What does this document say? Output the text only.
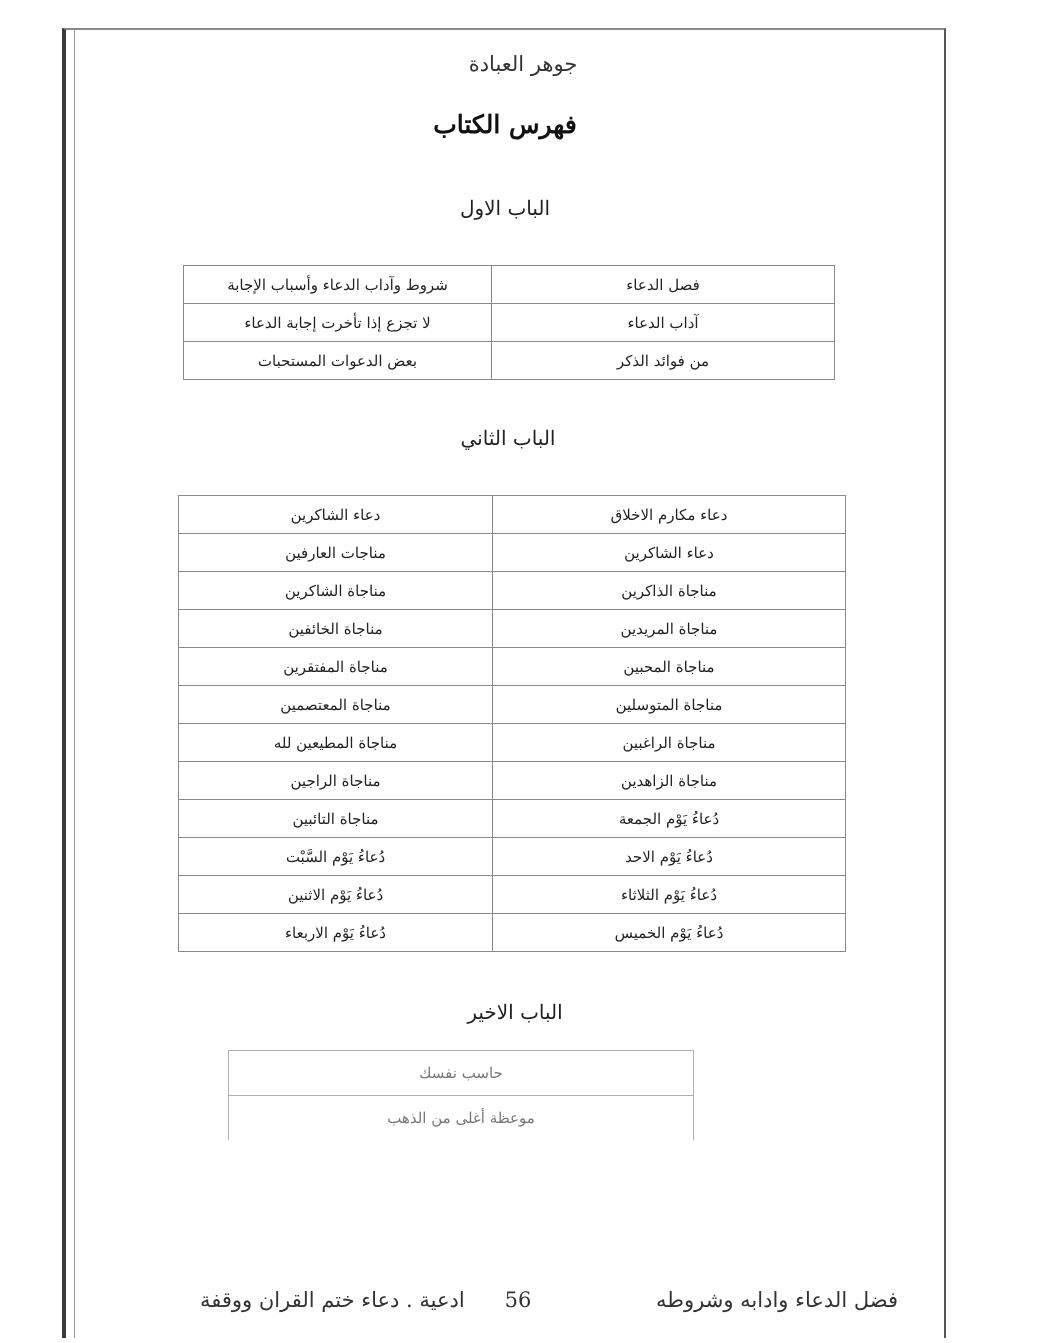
جوهر العبادة
فهرس الكتاب
الباب الاول
شروط وآداب الدعاء وأسباب الإجابة	فصل الدعاء
لا تجزع إذا تأخرت إجابة الدعاء	آداب الدعاء
بعض الدعوات المستحبات	من فوائد الذكر
الباب الثاني
دعاء الشاكرين	دعاء مكارم الاخلاق
مناجات العارفين	دعاء الشاكرين
مناجاة الشاكرين	مناجاة الذاكرين
مناجاة الخائفين	مناجاة المريدين
مناجاة المفتقرين	مناجاة المحبين
مناجاة المعتصمين	مناجاة المتوسلين
مناجاة المطيعين لله	مناجاة الراغبين
مناجاة الراجين	مناجاة الزاهدين
مناجاة التائبين	دُعاءُ يَوْم الجمعة
دُعاءُ يَوْم السَّبْت	دُعاءُ يَوْم الاحد
دُعاءُ يَوْم الاثنين	دُعاءُ يَوْم الثلاثاء
دُعاءُ يَوْم الاربعاء	دُعاءُ يَوْم الخميس
الباب الاخير
حاسب نفسك
موعظة أغلى من الذهب
فضل الدعاء وادابه وشروطه
56
ادعية . دعاء ختم القران ووقفة
